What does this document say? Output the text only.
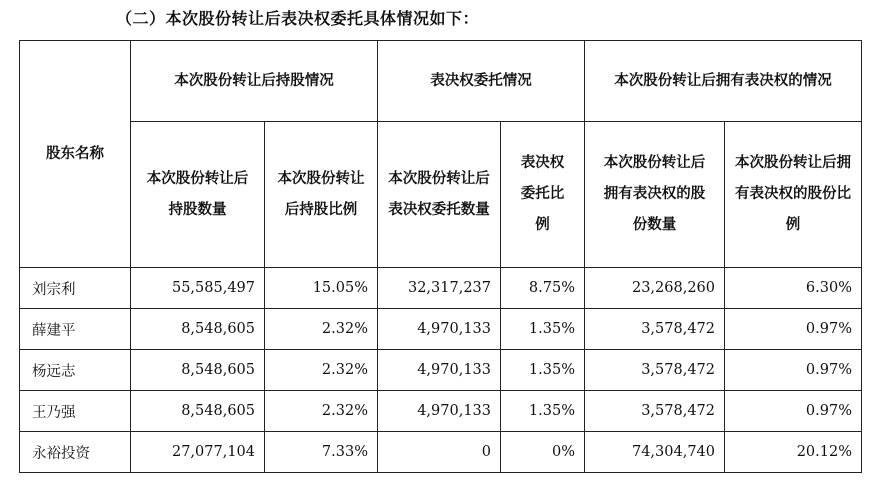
（二）本次股份转让后表决权委托具体情况如下：
股东名称	本次股份转让后持股情况		表决权委托情况		本次股份转让后拥有表决权的情况	
	本次股份转让后持股数量	本次股份转让后持股比例	本次股份转让后表决权委托数量	表决权委托比例	本次股份转让后拥有表决权的股份数量	本次股份转让后拥有表决权的股份比例
刘宗利	55,585,497	15.05%	32,317,237	8.75%	23,268,260	6.30%
薛建平	8,548,605	2.32%	4,970,133	1.35%	3,578,472	0.97%
杨远志	8,548,605	2.32%	4,970,133	1.35%	3,578,472	0.97%
王乃强	8,548,605	2.32%	4,970,133	1.35%	3,578,472	0.97%
永裕投资	27,077,104	7.33%	0	0%	74,304,740	20.12%
